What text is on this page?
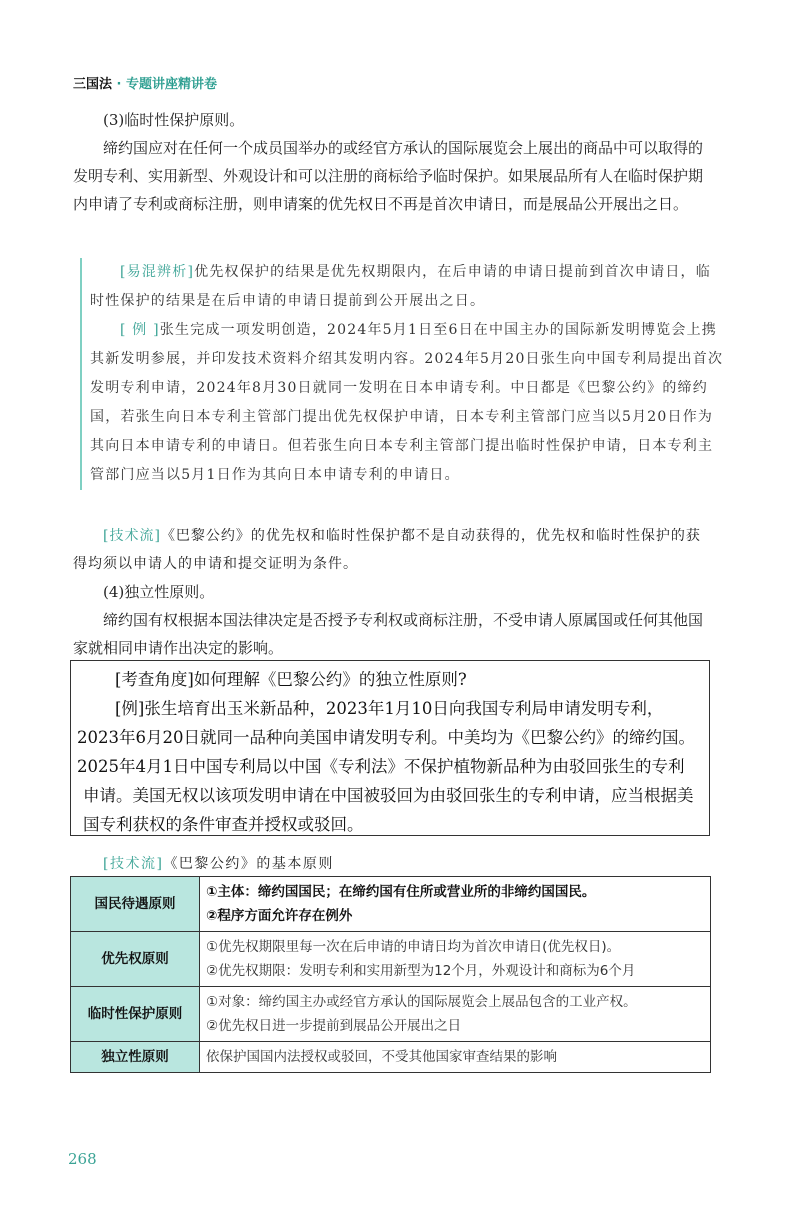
三国法 · 专题讲座精讲卷

(3)临时性保护原则。

缔约国应对在任何一个成员国举办的或经官方承认的国际展览会上展出的商品中可以取得的发明专利、实用新型、外观设计和可以注册的商标给予临时保护。如果展品所有人在临时保护期内申请了专利或商标注册，则申请案的优先权日不再是首次申请日，而是展品公开展出之日。

[易混辨析]优先权保护的结果是优先权期限内，在后申请的申请日提前到首次申请日，临时性保护的结果是在后申请的申请日提前到公开展出之日。

[ 例 ]张生完成一项发明创造，2024年5月1日至6日在中国主办的国际新发明博览会上携其新发明参展，并印发技术资料介绍其发明内容。2024年5月20日张生向中国专利局提出首次发明专利申请，2024年8月30日就同一发明在日本申请专利。中日都是《巴黎公约》的缔约国，若张生向日本专利主管部门提出优先权保护申请，日本专利主管部门应当以5月20日作为其向日本申请专利的申请日。但若张生向日本专利主管部门提出临时性保护申请，日本专利主管部门应当以5月1日作为其向日本申请专利的申请日。

[技术流]《巴黎公约》的优先权和临时性保护都不是自动获得的，优先权和临时性保护的获得均须以申请人的申请和提交证明为条件。

(4)独立性原则。

缔约国有权根据本国法律决定是否授予专利权或商标注册，不受申请人原属国或任何其他国家就相同申请作出决定的影响。

[考查角度]如何理解《巴黎公约》的独立性原则?

[例]张生培育出玉米新品种，2023年1月10日向我国专利局申请发明专利，

2023年6月20日就同一品种向美国申请发明专利。中美均为《巴黎公约》的缔约国。

2025年4月1日中国专利局以中国《专利法》不保护植物新品种为由驳回张生的专利

申请。美国无权以该项发明申请在中国被驳回为由驳回张生的专利申请，应当根据美

国专利获权的条件审查并授权或驳回。

[技术流]《巴黎公约》的基本原则

国民待遇原则	①主体：缔约国国民；在缔约国有住所或营业所的非缔约国国民。
②程序方面允许存在例外

优先权原则	①优先权期限里每一次在后申请的申请日均为首次申请日(优先权日)。
②优先权期限：发明专利和实用新型为12个月，外观设计和商标为6个月

临时性保护原则	①对象：缔约国主办或经官方承认的国际展览会上展品包含的工业产权。
②优先权日进一步提前到展品公开展出之日

独立性原则	依保护国国内法授权或驳回，不受其他国家审查结果的影响
268
